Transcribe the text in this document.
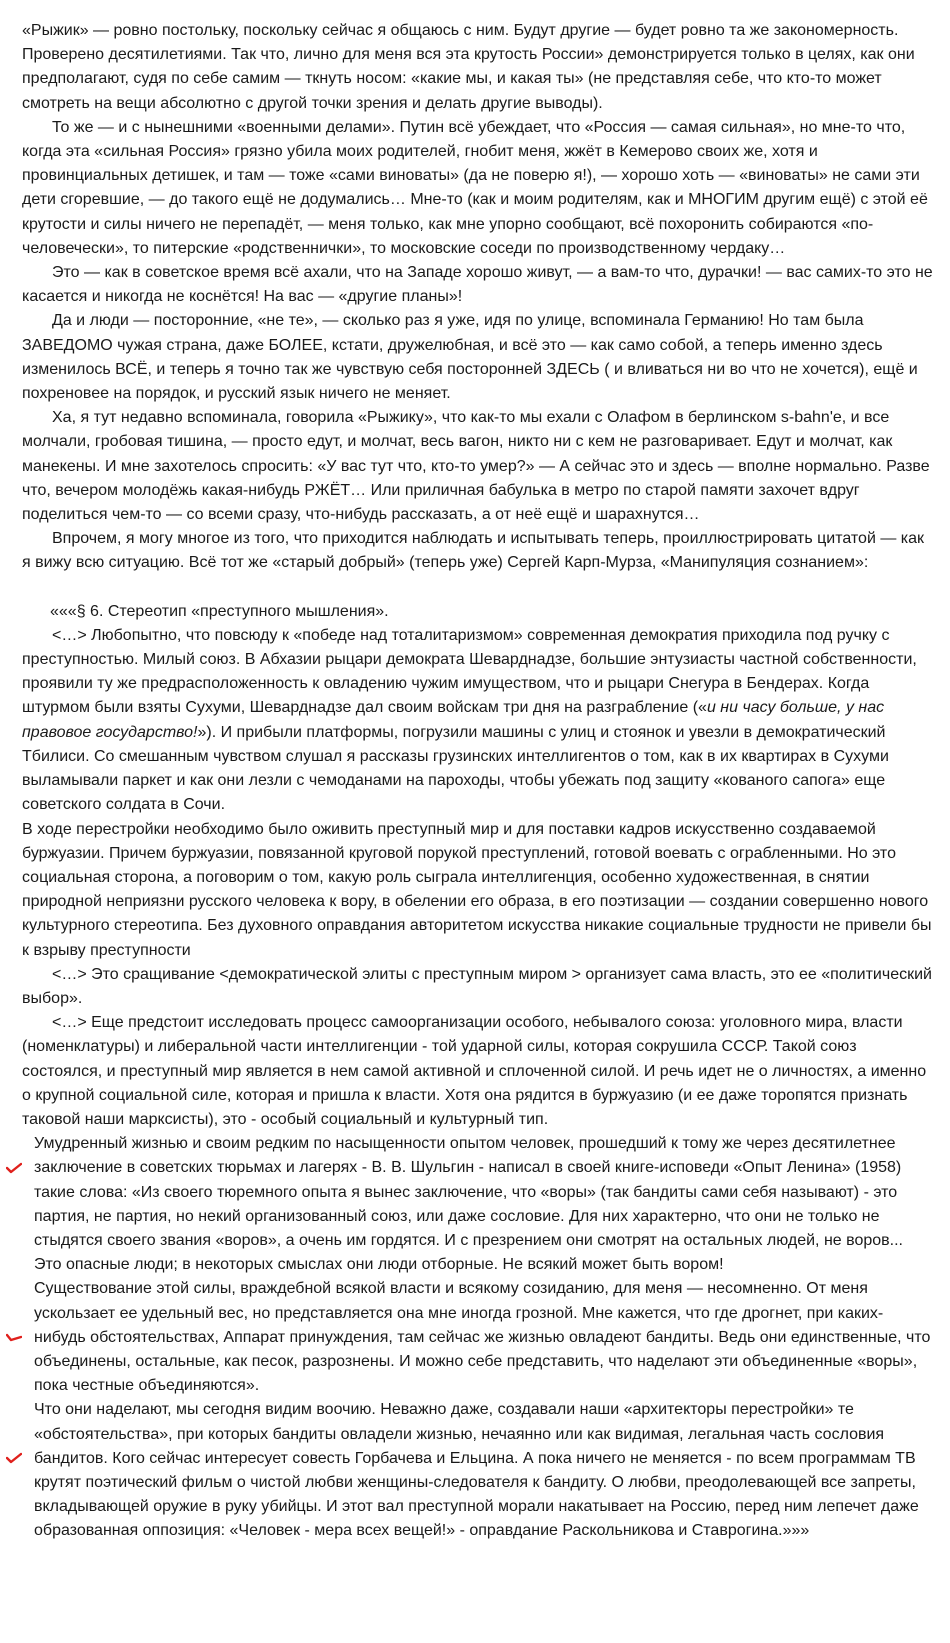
«Рыжик» — ровно постольку, поскольку сейчас я общаюсь с ним. Будут другие — будет ровно та же закономерность. Проверено десятилетиями. Так что, лично для меня вся эта крутость России» демонстрируется только в целях, как они предполагают, судя по себе самим — ткнуть носом: «какие мы, и какая ты» (не представляя себе, что кто-то может смотреть на вещи абсолютно с другой точки зрения и делать другие выводы).

То же — и с нынешними «военными делами». Путин всё убеждает, что «Россия — самая сильная», но мне-то что, когда эта «сильная Россия» грязно убила моих родителей, гнобит меня, жжёт в Кемерово своих же, хотя и провинциальных детишек, и там — тоже «сами виноваты» (да не поверю я!), — хорошо хоть — «виноваты» не сами эти дети сгоревшие, — до такого ещё не додумались… Мне-то (как и моим родителям, как и МНОГИМ другим ещё) с этой её крутости и силы ничего не перепадёт, — меня только, как мне упорно сообщают, всё похоронить собираются «по-человечески», то питерские «родственнички», то московские соседи по производственному чердаку…

Это — как в советское время всё ахали, что на Западе хорошо живут, — а вам-то что, дурачки! — вас самих-то это не касается и никогда не коснётся! На вас — «другие планы»!

Да и люди — посторонние, «не те», — сколько раз я уже, идя по улице, вспоминала Германию! Но там была ЗАВЕДОМО чужая страна, даже БОЛЕЕ, кстати, дружелюбная, и всё это — как само собой, а теперь именно здесь изменилось ВСЁ, и теперь я точно так же чувствую себя посторонней ЗДЕСЬ ( и вливаться ни во что не хочется), ещё и похреновее на порядок, и русский язык ничего не меняет.

Ха, я тут недавно вспоминала, говорила «Рыжику», что как-то мы ехали с Олафом в берлинском s-bahn'e, и все молчали, гробовая тишина, — просто едут, и молчат, весь вагон, никто ни с кем не разговаривает. Едут и молчат, как манекены. И мне захотелось спросить: «У вас тут что, кто-то умер?» — А сейчас это и здесь — вполне нормально. Разве что, вечером молодёжь какая-нибудь РЖЁТ… Или приличная бабулька в метро по старой памяти захочет вдруг поделиться чем-то — со всеми сразу, что-нибудь рассказать, а от неё ещё и шарахнутся…

Впрочем, я могу многое из того, что приходится наблюдать и испытывать теперь, проиллюстрировать цитатой — как я вижу всю ситуацию. Всё тот же «старый добрый» (теперь уже) Сергей Карп-Мурза, «Манипуляция сознанием»:

«««§ 6. Стереотип «преступного мышления».

<…> Любопытно, что повсюду к «победе над тоталитаризмом» современная демократия приходила под ручку с преступностью. Милый союз. В Абхазии рыцари демократа Шеварднадзе, большие энтузиасты частной собственности, проявили ту же предрасположенность к овладению чужим имуществом, что и рыцари Снегура в Бендерах. Когда штурмом были взяты Сухуми, Шеварднадзе дал своим войскам три дня на разграбление («и ни часу больше, у нас правовое государство!»). И прибыли платформы, погрузили машины с улиц и стоянок и увезли в демократический Тбилиси. Со смешанным чувством слушал я рассказы грузинских интеллигентов о том, как в их квартирах в Сухуми выламывали паркет и как они лезли с чемоданами на пароходы, чтобы убежать под защиту «кованого сапога» еще советского солдата в Сочи.

В ходе перестройки необходимо было оживить преступный мир и для поставки кадров искусственно создаваемой буржуазии. Причем буржуазии, повязанной круговой порукой преступлений, готовой воевать с ограбленными. Но это социальная сторона, а поговорим о том, какую роль сыграла интеллигенция, особенно художественная, в снятии природной неприязни русского человека к вору, в обелении его образа, в его поэтизации — создании совершенно нового культурного стереотипа. Без духовного оправдания авторитетом искусства никакие социальные трудности не привели бы к взрыву преступности

<…> Это сращивание <демократической элиты с преступным миром > организует сама власть, это ее «политический выбор».

<…> Еще предстоит исследовать процесс самоорганизации особого, небывалого союза: уголовного мира, власти (номенклатуры) и либеральной части интеллигенции - той ударной силы, которая сокрушила СССР. Такой союз состоялся, и преступный мир является в нем самой активной и сплоченной силой. И речь идет не о личностях, а именно о крупной социальной силе, которая и пришла к власти. Хотя она рядится в буржуазию (и ее даже торопятся признать таковой наши марксисты), это - особый социальный и культурный тип.

Умудренный жизнью и своим редким по насыщенности опытом человек, прошедший к тому же через десятилетнее заключение в советских тюрьмах и лагерях - В. В. Шульгин - написал в своей книге-исповеди «Опыт Ленина» (1958) такие слова: «Из своего тюремного опыта я вынес заключение, что «воры» (так бандиты сами себя называют) - это партия, не партия, но некий организованный союз, или даже сословие. Для них характерно, что они не только не стыдятся своего звания «воров», а очень им гордятся. И с презрением они смотрят на остальных людей, не воров... Это опасные люди; в некоторых смыслах они люди отборные. Не всякий может быть вором!

Существование этой силы, враждебной всякой власти и всякому созиданию, для меня — несомненно. От меня ускользает ее удельный вес, но представляется она мне иногда грозной. Мне кажется, что где дрогнет, при каких-нибудь обстоятельствах, Аппарат принуждения, там сейчас же жизнью овладеют бандиты. Ведь они единственные, что объединены, остальные, как песок, разрознены. И можно себе представить, что наделают эти объединенные «воры», пока честные объединяются».

Что они наделают, мы сегодня видим воочию. Неважно даже, создавали наши «архитекторы перестройки» те «обстоятельства», при которых бандиты овладели жизнью, нечаянно или как видимая, легальная часть сословия бандитов. Кого сейчас интересует совесть Горбачева и Ельцина. А пока ничего не меняется - по всем программам ТВ крутят поэтический фильм о чистой любви женщины-следователя к бандиту. О любви, преодолевающей все запреты, вкладывающей оружие в руку убийцы. И этот вал преступной морали накатывает на Россию, перед ним лепечет даже образованная оппозиция: «Человек - мера всех вещей!» - оправдание Раскольникова и Ставрогина.»»»
